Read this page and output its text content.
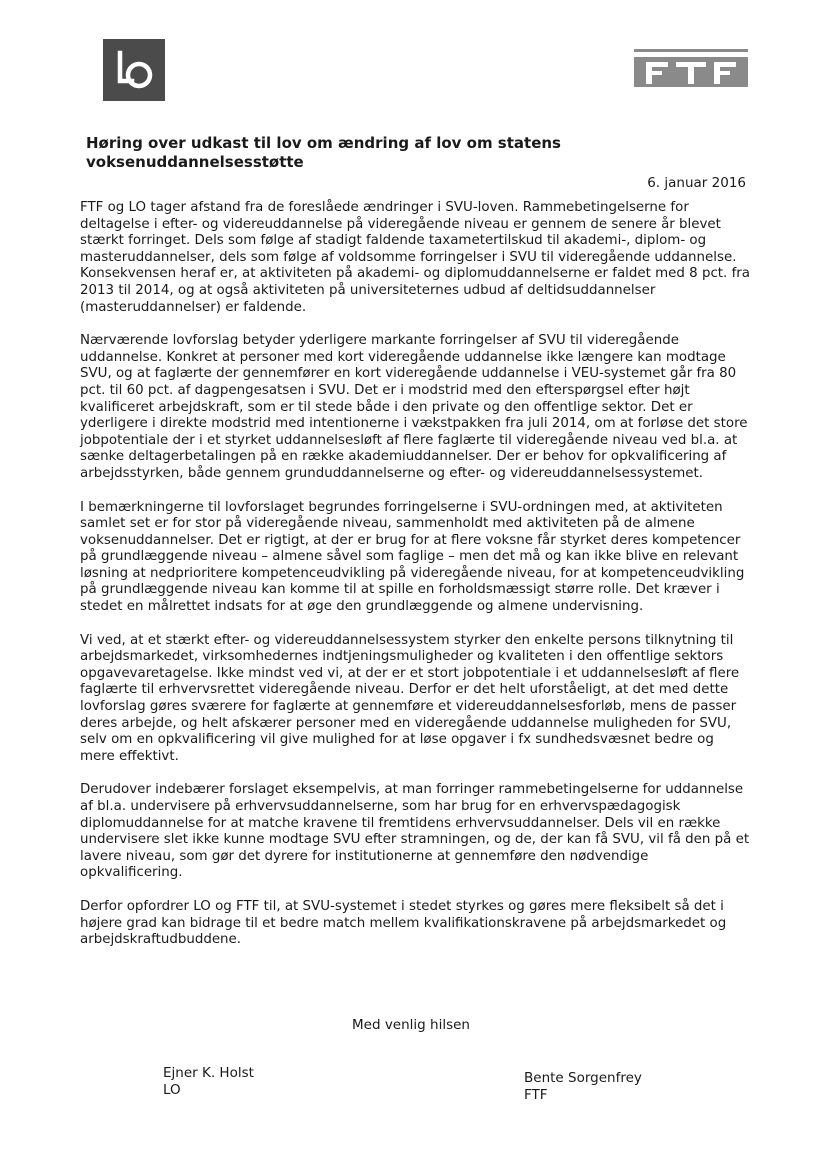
Høring over udkast til lov om ændring af lov om statens voksenuddannelsesstøtte
6. januar 2016

FTF og LO tager afstand fra de foreslåede ændringer i SVU-loven. Rammebetingelserne for deltagelse i efter- og videreuddannelse på videregående niveau er gennem de senere år blevet stærkt forringet. Dels som følge af stadigt faldende taxametertilskud til akademi-, diplom- og masteruddannelser, dels som følge af voldsomme forringelser i SVU til videregående uddannelse. Konsekvensen heraf er, at aktiviteten på akademi- og diplomuddannelserne er faldet med 8 pct. fra 2013 til 2014, og at også aktiviteten på universiteternes udbud af deltidsuddannelser (masteruddannelser) er faldende.

Nærværende lovforslag betyder yderligere markante forringelser af SVU til videregående uddannelse. Konkret at personer med kort videregående uddannelse ikke længere kan modtage SVU, og at faglærte der gennemfører en kort videregående uddannelse i VEU-systemet går fra 80 pct. til 60 pct. af dagpengesatsen i SVU. Det er i modstrid med den efterspørgsel efter højt kvalificeret arbejdskraft, som er til stede både i den private og den offentlige sektor. Det er yderligere i direkte modstrid med intentionerne i vækstpakken fra juli 2014, om at forløse det store jobpotentiale der i et styrket uddannelsesløft af flere faglærte til videregående niveau ved bl.a. at sænke deltagerbetalingen på en række akademiuddannelser. Der er behov for opkvalificering af arbejdsstyrken, både gennem grunduddannelserne og efter- og videreuddannelsessystemet.

I bemærkningerne til lovforslaget begrundes forringelserne i SVU-ordningen med, at aktiviteten samlet set er for stor på videregående niveau, sammenholdt med aktiviteten på de almene voksenuddannelser. Det er rigtigt, at der er brug for at flere voksne får styrket deres kompetencer på grundlæggende niveau – almene såvel som faglige – men det må og kan ikke blive en relevant løsning at nedprioritere kompetenceudvikling på videregående niveau, for at kompetenceudvikling på grundlæggende niveau kan komme til at spille en forholdsmæssigt større rolle. Det kræver i stedet en målrettet indsats for at øge den grundlæggende og almene undervisning.

Vi ved, at et stærkt efter- og videreuddannelsessystem styrker den enkelte persons tilknytning til arbejdsmarkedet, virksomhedernes indtjeningsmuligheder og kvaliteten i den offentlige sektors opgavevaretagelse. Ikke mindst ved vi, at der er et stort jobpotentiale i et uddannelsesløft af flere faglærte til erhvervsrettet videregående niveau. Derfor er det helt uforståeligt, at det med dette lovforslag gøres sværere for faglærte at gennemføre et videreuddannelsesforløb, mens de passer deres arbejde, og helt afskærer personer med en videregående uddannelse muligheden for SVU, selv om en opkvalificering vil give mulighed for at løse opgaver i fx sundhedsvæsnet bedre og mere effektivt.

Derudover indebærer forslaget eksempelvis, at man forringer rammebetingelserne for uddannelse af bl.a. undervisere på erhvervsuddannelserne, som har brug for en erhvervspædagogisk diplomuddannelse for at matche kravene til fremtidens erhvervsuddannelser. Dels vil en række undervisere slet ikke kunne modtage SVU efter stramningen, og de, der kan få SVU, vil få den på et lavere niveau, som gør det dyrere for institutionerne at gennemføre den nødvendige opkvalificering.

Derfor opfordrer LO og FTF til, at SVU-systemet i stedet styrkes og gøres mere fleksibelt så det i højere grad kan bidrage til et bedre match mellem kvalifikationskravene på arbejdsmarkedet og arbejdskraftudbuddene.

Med venlig hilsen
Ejner K. Holst
LO
Bente Sorgenfrey
FTF
